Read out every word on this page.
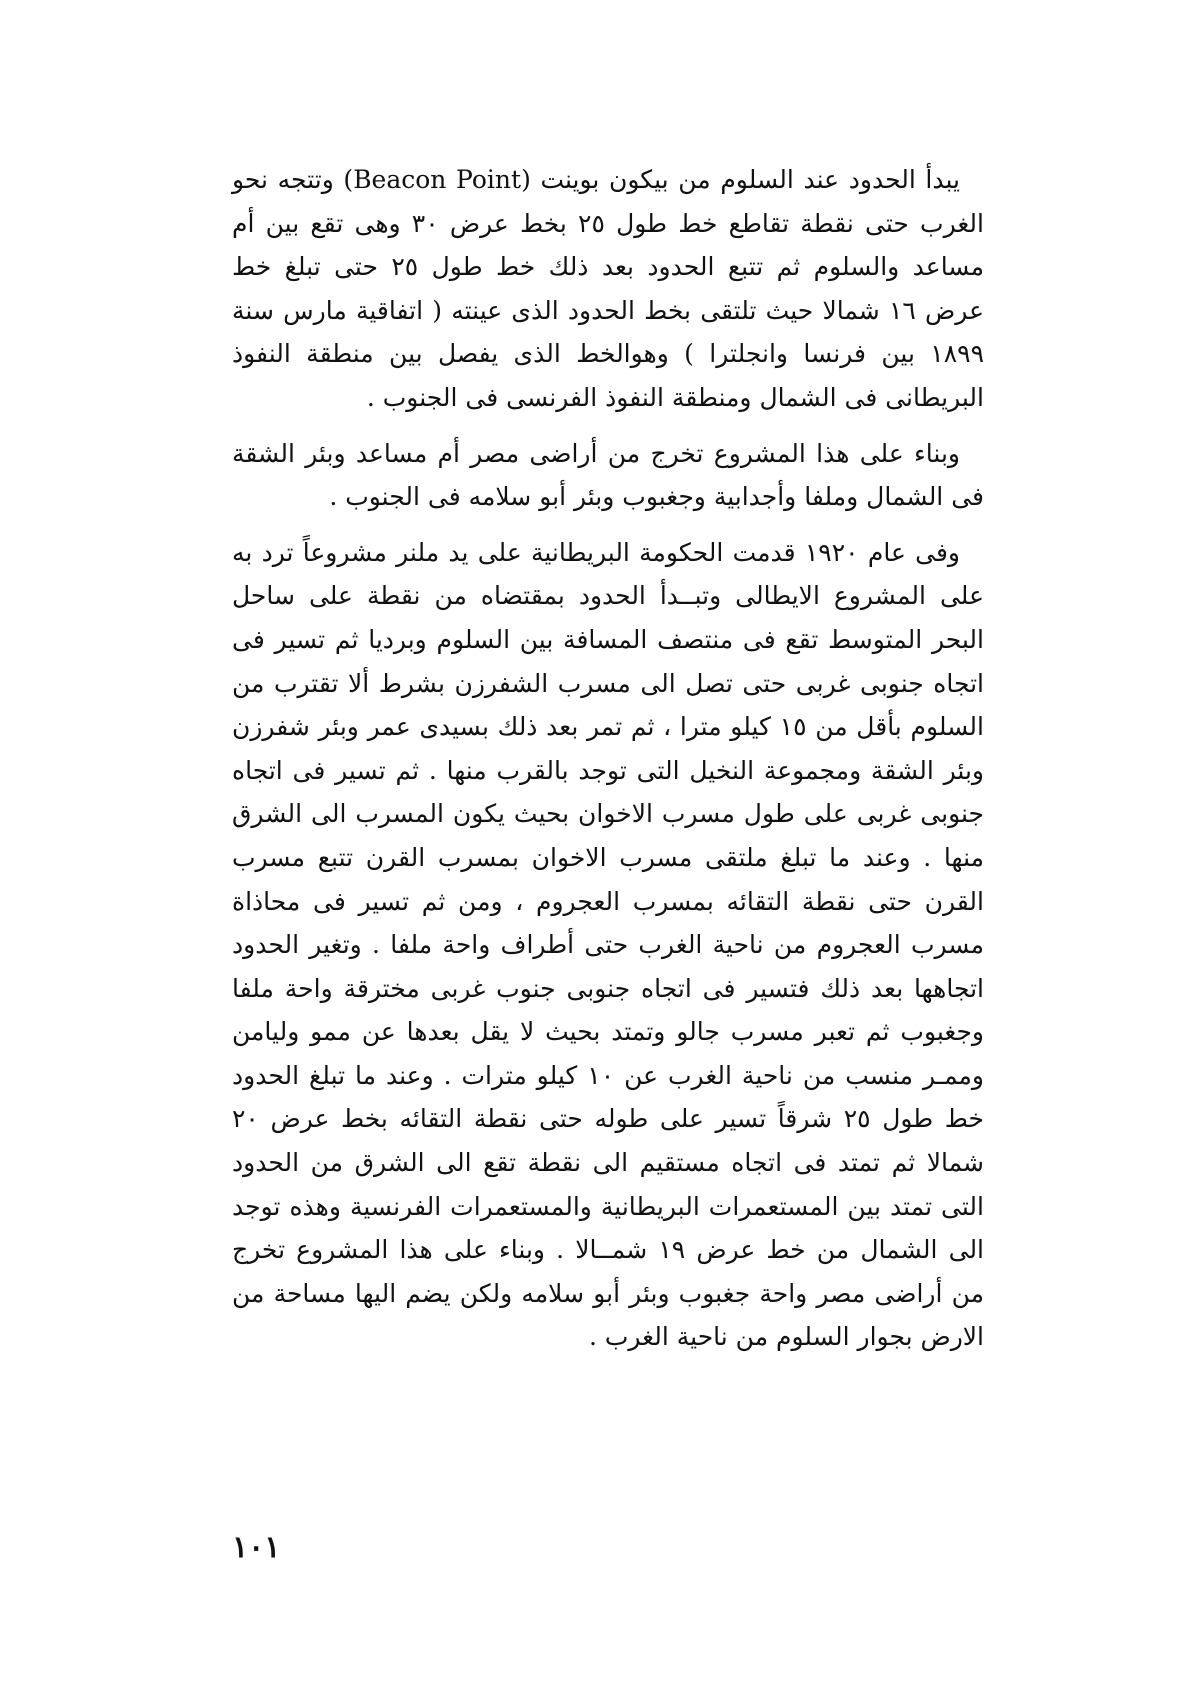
يبدأ الحدود عند السلوم من بيكون بوينت (Beacon Point) وتتجه نحو الغرب حتى نقطة تقاطع خط طول ٢٥ بخط عرض ٣٠ وهى تقع بين أم مساعد والسلوم ثم تتبع الحدود بعد ذلك خط طول ٢٥ حتى تبلغ خط عرض ١٦ شمالا حيث تلتقى بخط الحدود الذى عينته ( اتفاقية مارس سنة ١٨٩٩ بين فرنسا وانجلترا ) وهوالخط الذى يفصل بين منطقة النفوذ البريطانى فى الشمال ومنطقة النفوذ الفرنسى فى الجنوب .

وبناء على هذا المشروع تخرج من أراضى مصر أم مساعد وبئر الشقة فى الشمال وملفا وأجدابية وجغبوب وبئر أبو سلامه فى الجنوب .

وفى عام ١٩٢٠ قدمت الحكومة البريطانية على يد ملنر مشروعاً ترد به على المشروع الايطالى وتبــدأ الحدود بمقتضاه من نقطة على ساحل البحر المتوسط تقع فى منتصف المسافة بين السلوم وبرديا ثم تسير فى اتجاه جنوبى غربى حتى تصل الى مسرب الشفرزن بشرط ألا تقترب من السلوم بأقل من ١٥ كيلو مترا ، ثم تمر بعد ذلك بسيدى عمر وبئر شفرزن وبئر الشقة ومجموعة النخيل التى توجد بالقرب منها . ثم تسير فى اتجاه جنوبى غربى على طول مسرب الاخوان بحيث يكون المسرب الى الشرق منها . وعند ما تبلغ ملتقى مسرب الاخوان بمسرب القرن تتبع مسرب القرن حتى نقطة التقائه بمسرب العجروم ، ومن ثم تسير فى محاذاة مسرب العجروم من ناحية الغرب حتى أطراف واحة ملفا . وتغير الحدود اتجاهها بعد ذلك فتسير فى اتجاه جنوبى جنوب غربى مخترقة واحة ملفا وجغبوب ثم تعبر مسرب جالو وتمتد بحيث لا يقل بعدها عن ممو وليامن وممـر منسب من ناحية الغرب عن ١٠ كيلو مترات . وعند ما تبلغ الحدود خط طول ٢٥ شرقاً تسير على طوله حتى نقطة التقائه بخط عرض ٢٠ شمالا ثم تمتد فى اتجاه مستقيم الى نقطة تقع الى الشرق من الحدود التى تمتد بين المستعمرات البريطانية والمستعمرات الفرنسية وهذه توجد الى الشمال من خط عرض ١٩ شمــالا . وبناء على هذا المشروع تخرج من أراضى مصر واحة جغبوب وبئر أبو سلامه ولكن يضم اليها مساحة من الارض بجوار السلوم من ناحية الغرب .

١٠١
